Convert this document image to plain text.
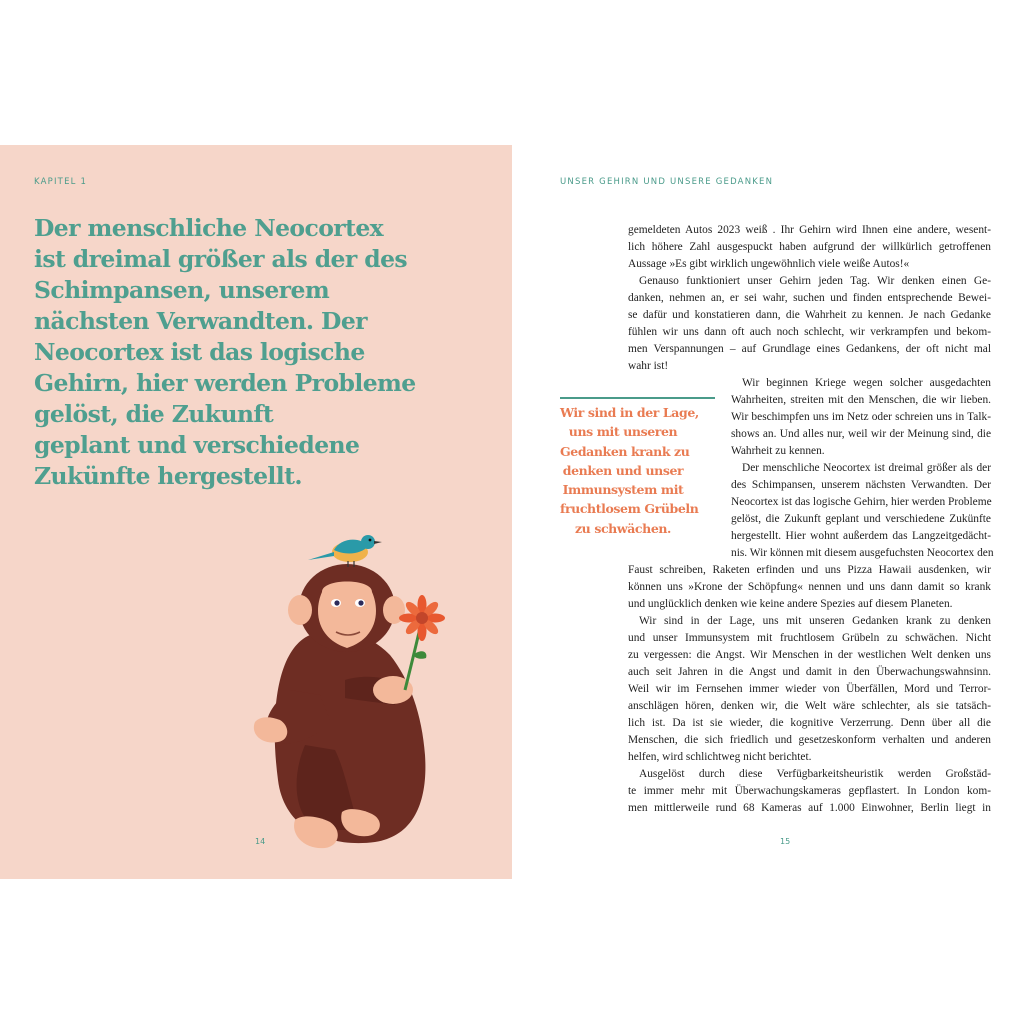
KAPITEL 1
Der menschliche Neocortex
ist dreimal größer als der des
Schimpansen, unserem
nächsten Verwandten. Der
Neocortex ist das logische
Gehirn, hier werden Probleme
gelöst, die Zukunft
geplant und verschiedene
Zukünfte hergestellt.
14
UNSER GEHIRN UND UNSERE GEDANKEN

Wir sind in der Lage,
uns mit unseren
Gedanken krank zu
denken und unser
Immunsystem mit
fruchtlosem Grübeln
zu schwächen.

gemeldeten Autos 2023 weiß . Ihr Gehirn wird Ihnen eine andere, wesent-
lich höhere Zahl ausgespuckt haben aufgrund der willkürlich getroffenen
Aussage »Es gibt wirklich ungewöhnlich viele weiße Autos!«
Genauso funktioniert unser Gehirn jeden Tag. Wir denken einen Ge-
danken, nehmen an, er sei wahr, suchen und finden entsprechende Bewei-
se dafür und konstatieren dann, die Wahrheit zu kennen. Je nach Gedanke
fühlen wir uns dann oft auch noch schlecht, wir verkrampfen und bekom-
men Verspannungen – auf Grundlage eines Gedankens, der oft nicht mal
wahr ist!
Wir beginnen Kriege wegen solcher ausgedachten
Wahrheiten, streiten mit den Menschen, die wir lieben.
Wir beschimpfen uns im Netz oder schreien uns in Talk-
shows an. Und alles nur, weil wir der Meinung sind, die
Wahrheit zu kennen.
Der menschliche Neocortex ist dreimal größer als der
des Schimpansen, unserem nächsten Verwandten. Der
Neocortex ist das logische Gehirn, hier werden Probleme
gelöst, die Zukunft geplant und verschiedene Zukünfte
hergestellt. Hier wohnt außerdem das Langzeitgedächt-
nis. Wir können mit diesem ausgefuchsten Neocortex den
Faust schreiben, Raketen erfinden und uns Pizza Hawaii ausdenken, wir
können uns »Krone der Schöpfung« nennen und uns dann damit so krank
und unglücklich denken wie keine andere Spezies auf diesem Planeten.
Wir sind in der Lage, uns mit unseren Gedanken krank zu denken
und unser Immunsystem mit fruchtlosem Grübeln zu schwächen. Nicht
zu vergessen: die Angst. Wir Menschen in der westlichen Welt denken uns
auch seit Jahren in die Angst und damit in den Überwachungswahnsinn.
Weil wir im Fernsehen immer wieder von Überfällen, Mord und Terror-
anschlägen hören, denken wir, die Welt wäre schlechter, als sie tatsäch-
lich ist. Da ist sie wieder, die kognitive Verzerrung. Denn über all die
Menschen, die sich friedlich und gesetzeskonform verhalten und anderen
helfen, wird schlichtweg nicht berichtet.
Ausgelöst durch diese Verfügbarkeitsheuristik werden Großstäd-
te immer mehr mit Überwachungskameras gepflastert. In London kom-
men mittlerweile rund 68 Kameras auf 1.000 Einwohner, Berlin liegt in
15
